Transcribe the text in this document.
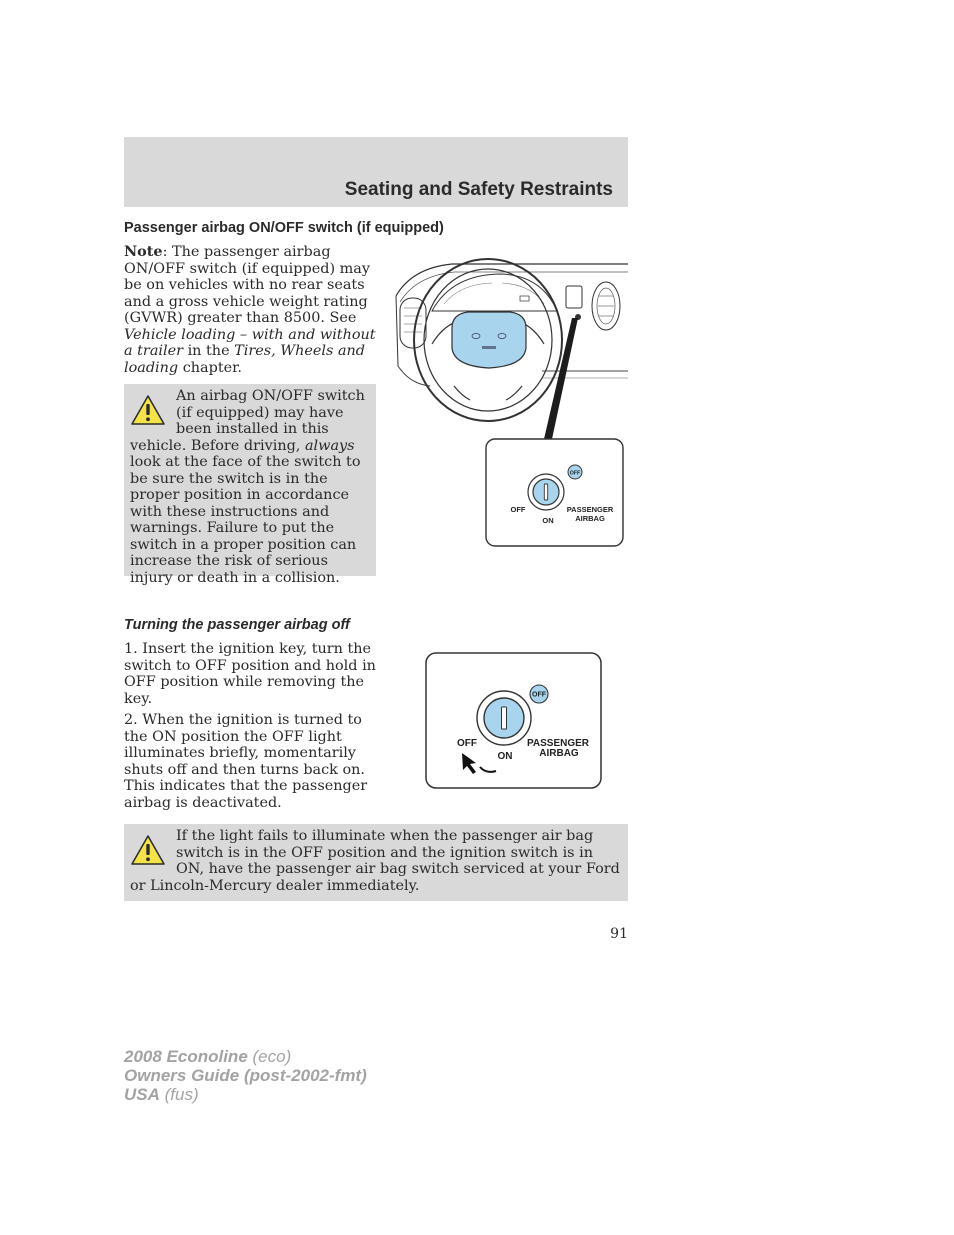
Seating and Safety Restraints
Passenger airbag ON/OFF switch (if equipped)

Note: The passenger airbag ON/OFF switch (if equipped) may be on vehicles with no rear seats and a gross vehicle weight rating (GVWR) greater than 8500. See Vehicle loading – with and without a trailer in the Tires, Wheels and loading chapter.

An airbag ON/OFF switch (if equipped) may have been installed in this vehicle. Before driving, always look at the face of the switch to be sure the switch is in the proper position in accordance with these instructions and warnings. Failure to put the switch in a proper position can increase the risk of serious injury or death in a collision.

OFF
OFF
ON
PASSENGER
AIRBAG
Turning the passenger airbag off

1. Insert the ignition key, turn the switch to OFF position and hold in OFF position while removing the key.

2. When the ignition is turned to the ON position the OFF light illuminates briefly, momentarily shuts off and then turns back on. This indicates that the passenger airbag is deactivated.

OFF
OFF
ON
PASSENGER
AIRBAG

If the light fails to illuminate when the passenger air bag switch is in the OFF position and the ignition switch is in ON, have the passenger air bag switch serviced at your Ford or Lincoln-Mercury dealer immediately.

91
2008 Econoline (eco)
Owners Guide (post-2002-fmt)
USA (fus)
